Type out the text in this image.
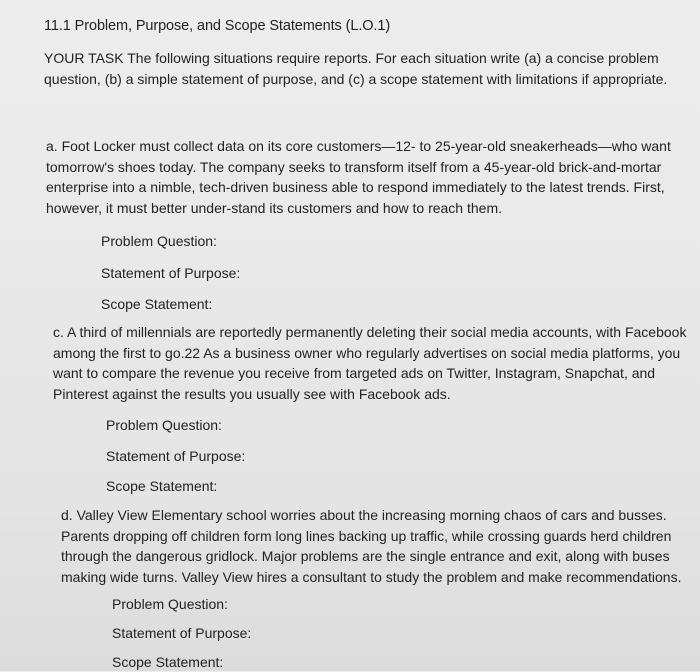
11.1 Problem, Purpose, and Scope Statements (L.O.1)
YOUR TASK The following situations require reports. For each situation write (a) a concise problem
question, (b) a simple statement of purpose, and (c) a scope statement with limitations if appropriate.
a. Foot Locker must collect data on its core customers—12- to 25-year-old sneakerheads—who want
tomorrow's shoes today. The company seeks to transform itself from a 45-year-old brick-and-mortar
enterprise into a nimble, tech-driven business able to respond immediately to the latest trends. First,
however, it must better under-stand its customers and how to reach them.
Problem Question:
Statement of Purpose:
Scope Statement:
c. A third of millennials are reportedly permanently deleting their social media accounts, with Facebook
among the first to go.22 As a business owner who regularly advertises on social media platforms, you
want to compare the revenue you receive from targeted ads on Twitter, Instagram, Snapchat, and
Pinterest against the results you usually see with Facebook ads.
Problem Question:
Statement of Purpose:
Scope Statement:
d. Valley View Elementary school worries about the increasing morning chaos of cars and busses.
Parents dropping off children form long lines backing up traffic, while crossing guards herd children
through the dangerous gridlock. Major problems are the single entrance and exit, along with buses
making wide turns. Valley View hires a consultant to study the problem and make recommendations.
Problem Question:
Statement of Purpose:
Scope Statement:
